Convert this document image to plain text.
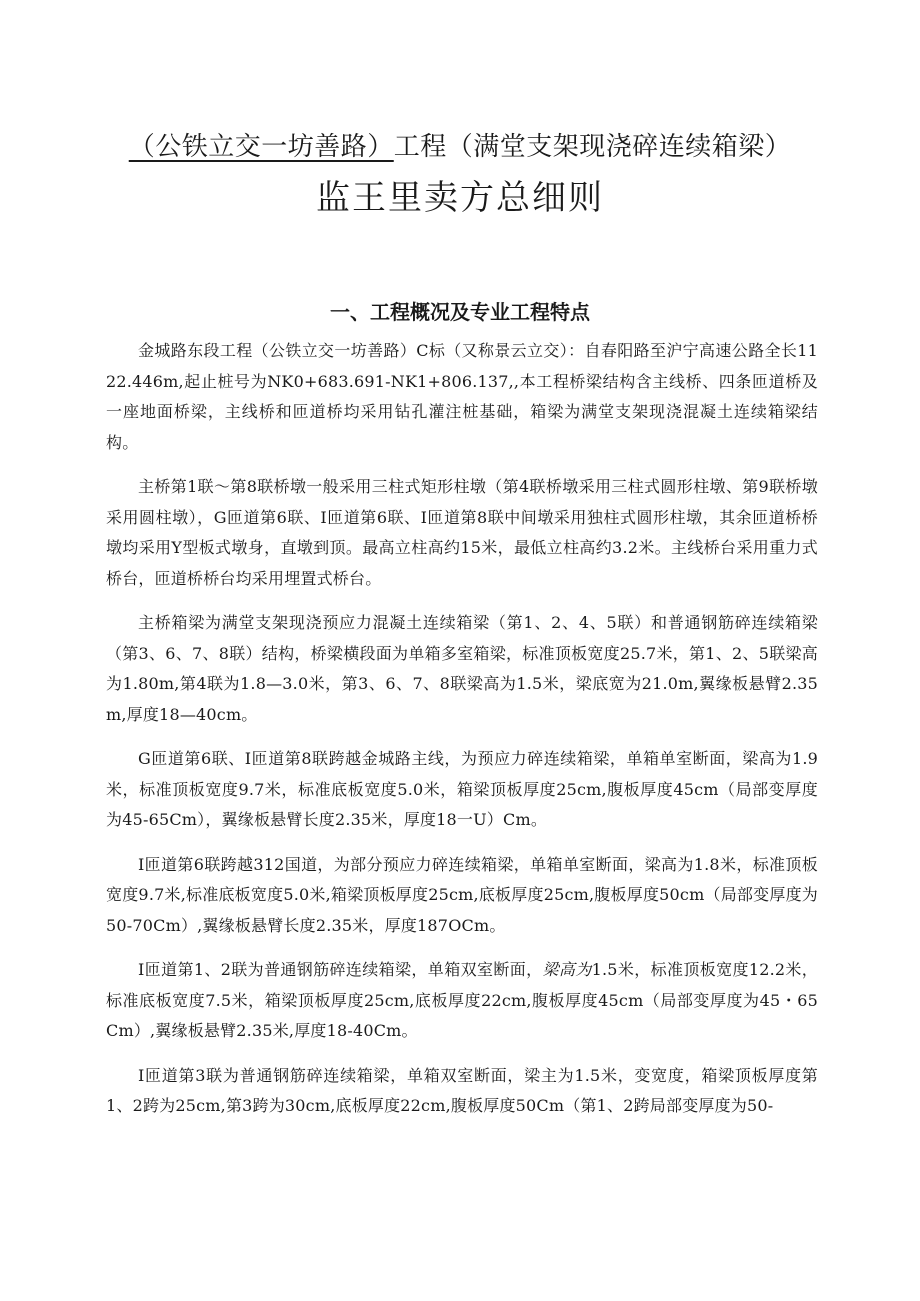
（公铁立交一坊善路）工程（满堂支架现浇碎连续箱梁）
监王里卖方总细则
一、工程概况及专业工程特点

金城路东段工程（公铁立交一坊善路）C标（又称景云立交）：自春阳路至沪宁高速公路全长1122.446m,起止桩号为NK0+683.691-NK1+806.137,,本工程桥梁结构含主线桥、四条匝道桥及一座地面桥梁，主线桥和匝道桥均采用钻孔灌注桩基础，箱梁为满堂支架现浇混凝土连续箱梁结构。

主桥第1联～第8联桥墩一般采用三柱式矩形柱墩（第4联桥墩采用三柱式圆形柱墩、第9联桥墩采用圆柱墩），G匝道第6联、I匝道第6联、I匝道第8联中间墩采用独柱式圆形柱墩，其余匝道桥桥墩均采用Y型板式墩身，直墩到顶。最高立柱高约15米，最低立柱高约3.2米。主线桥台采用重力式桥台，匝道桥桥台均采用埋置式桥台。

主桥箱梁为满堂支架现浇预应力混凝土连续箱梁（第1、2、4、5联）和普通钢筋碎连续箱梁（第3、6、7、8联）结构，桥梁横段面为单箱多室箱梁，标准顶板宽度25.7米，第1、2、5联梁高为1.80m,第4联为1.8—3.0米，第3、6、7、8联梁高为1.5米，梁底宽为21.0m,翼缘板悬臂2.35m,厚度18—40cm。

G匝道第6联、I匝道第8联跨越金城路主线，为预应力碎连续箱梁，单箱单室断面，梁高为1.9米，标准顶板宽度9.7米，标准底板宽度5.0米，箱梁顶板厚度25cm,腹板厚度45cm（局部变厚度为45-65Cm），翼缘板悬臂长度2.35米，厚度18一U）Cm。

I匝道第6联跨越312国道，为部分预应力碎连续箱梁，单箱单室断面，梁高为1.8米，标准顶板宽度9.7米,标准底板宽度5.0米,箱梁顶板厚度25cm,底板厚度25cm,腹板厚度50cm（局部变厚度为50-70Cm）,翼缘板悬臂长度2.35米，厚度187OCm。

I匝道第1、2联为普通钢筋碎连续箱梁，单箱双室断面，梁高为1.5米，标准顶板宽度12.2米，标准底板宽度7.5米，箱梁顶板厚度25cm,底板厚度22cm,腹板厚度45cm（局部变厚度为45・65Cm）,翼缘板悬臂2.35米,厚度18-40Cm。

I匝道第3联为普通钢筋碎连续箱梁，单箱双室断面，梁主为1.5米，变宽度，箱梁顶板厚度第1、2跨为25cm,第3跨为30cm,底板厚度22cm,腹板厚度50Cm（第1、2跨局部变厚度为50-
